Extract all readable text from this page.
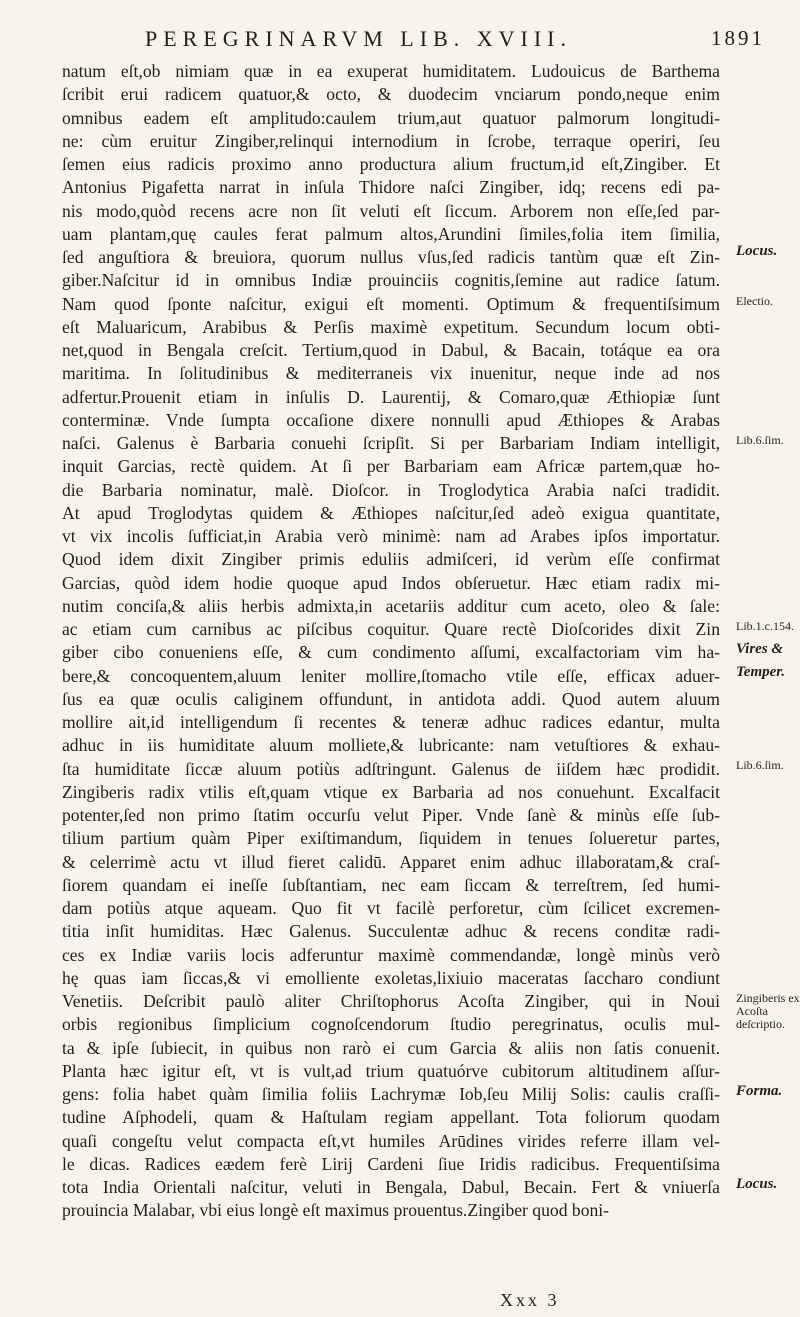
PEREGRINARVM LIB. XVIII.	1891
natum eſt,ob nimiam quæ in ea exuperat humiditatem. Ludouicus de Barthema
ſcribit erui radicem quatuor,& octo, & duodecim vnciarum pondo,neque enim
omnibus eadem eſt amplitudo:caulem trium,aut quatuor palmorum longitudi-
ne: cùm eruitur Zingiber,relinqui internodium in ſcrobe, terraque operiri, ſeu
ſemen eius radicis proximo anno productura alium fructum,id eſt,Zingiber. Et
Antonius Pigafetta narrat in inſula Thidore naſci Zingiber, idq; recens edi pa-
nis modo,quòd recens acre non ſit veluti eſt ſiccum. Arborem non eſſe,ſed par-
uam plantam,quę caules ferat palmum altos,Arundini ſimiles,folia item ſimilia,
ſed anguſtiora & breuiora, quorum nullus vſus,ſed radicis tantùm quæ eſt Zin-
giber.Naſcitur id in omnibus Indiæ prouinciis cognitis,ſemine aut radice ſatum.
Nam quod ſponte naſcitur, exigui eſt momenti. Optimum & frequentiſsimum
eſt Maluaricum, Arabibus & Perſis maximè expetitum. Secundum locum obti-
net,quod in Bengala creſcit. Tertium,quod in Dabul, & Bacain, totáque ea ora
maritima. In ſolitudinibus & mediterraneis vix inuenitur, neque inde ad nos
adfertur.Prouenit etiam in inſulis D. Laurentij, & Comaro,quæ Æthiopiæ ſunt
conterminæ. Vnde ſumpta occaſione dixere nonnulli apud Æthiopes & Arabas
naſci. Galenus è Barbaria conuehi ſcripſit. Si per Barbariam Indiam intelligit,
inquit Garcias, rectè quidem. At ſi per Barbariam eam Africæ partem,quæ ho-
die Barbaria nominatur, malè. Dioſcor. in Troglodytica Arabia naſci tradidit.
At apud Troglodytas quidem & Æthiopes naſcitur,ſed adeò exigua quantitate,
vt vix incolis ſufficiat,in Arabia verò minimè: nam ad Arabes ipſos importatur.
Quod idem dixit Zingiber primis eduliis admiſceri, id verùm eſſe confirmat
Garcias, quòd idem hodie quoque apud Indos obſeruetur. Hæc etiam radix mi-
nutim conciſa,& aliis herbis admixta,in acetariis additur cum aceto, oleo & ſale:
ac etiam cum carnibus ac piſcibus coquitur. Quare rectè Dioſcorides dixit Zin
giber cibo conueniens eſſe, & cum condimento aſſumi, excalfactoriam vim ha-
bere,& concoquentem,aluum leniter mollire,ſtomacho vtile eſſe, efficax aduer-
ſus ea quæ oculis caliginem offundunt, in antidota addi. Quod autem aluum
mollire ait,id intelligendum ſi recentes & teneræ adhuc radices edantur, multa
adhuc in iis humiditate aluum molliete,& lubricante: nam vetuſtiores & exhau-
ſta humiditate ſiccæ aluum potiùs adſtringunt. Galenus de iiſdem hæc prodidit.
Zingiberis radix vtilis eſt,quam vtique ex Barbaria ad nos conuehunt. Excalfacit
potenter,ſed non primo ſtatim occurſu velut Piper. Vnde ſanè & minùs eſſe ſub-
tilium partium quàm Piper exiſtimandum, ſiquidem in tenues ſolueretur partes,
& celerrimè actu vt illud fieret calidū. Apparet enim adhuc illaboratam,& craſ-
ſiorem quandam ei ineſſe ſubſtantiam, nec eam ſiccam & terreſtrem, ſed humi-
dam potiùs atque aqueam. Quo fit vt facilè perforetur, cùm ſcilicet excremen-
titia inſit humiditas. Hæc Galenus. Succulentæ adhuc & recens conditæ radi-
ces ex Indiæ variis locis adferuntur maximè commendandæ, longè minùs verò
hę quas iam ſiccas,& vi emolliente exoletas,lixiuio maceratas ſaccharo condiunt
Venetiis. Deſcribit paulò aliter Chriſtophorus Acoſta Zingiber, qui in Noui
orbis regionibus ſimplicium cognoſcendorum ſtudio peregrinatus, oculis mul-
ta & ipſe ſubiecit, in quibus non rarò ei cum Garcia & aliis non ſatis conuenit.
Planta hæc igitur eſt, vt is vult,ad trium quatuórve cubitorum altitudinem aſſur-
gens: folia habet quàm ſimilia foliis Lachrymæ Iob,ſeu Milij Solis: caulis craſſi-
tudine Aſphodeli, quam & Haſtulam regiam appellant. Tota foliorum quodam
quaſi congeſtu velut compacta eſt,vt humiles Arūdines virides referre illam vel-
le dicas. Radices eædem ferè Lirij Cardeni ſiue Iridis radicibus. Frequentiſsima
tota India Orientali naſcitur, veluti in Bengala, Dabul, Becain. Fert & vniuerſa
prouincia Malabar, vbi eius longè eſt maximus prouentus.Zingiber quod boni-
Locus.
Electio.
Lib.6.ſim.
Lib.1.c.154.
Vires &
Temper.
Lib.6.ſim.
Zingiberis ex Acoſta deſcriptio.
Forma.
Locus.
Xxx 3
